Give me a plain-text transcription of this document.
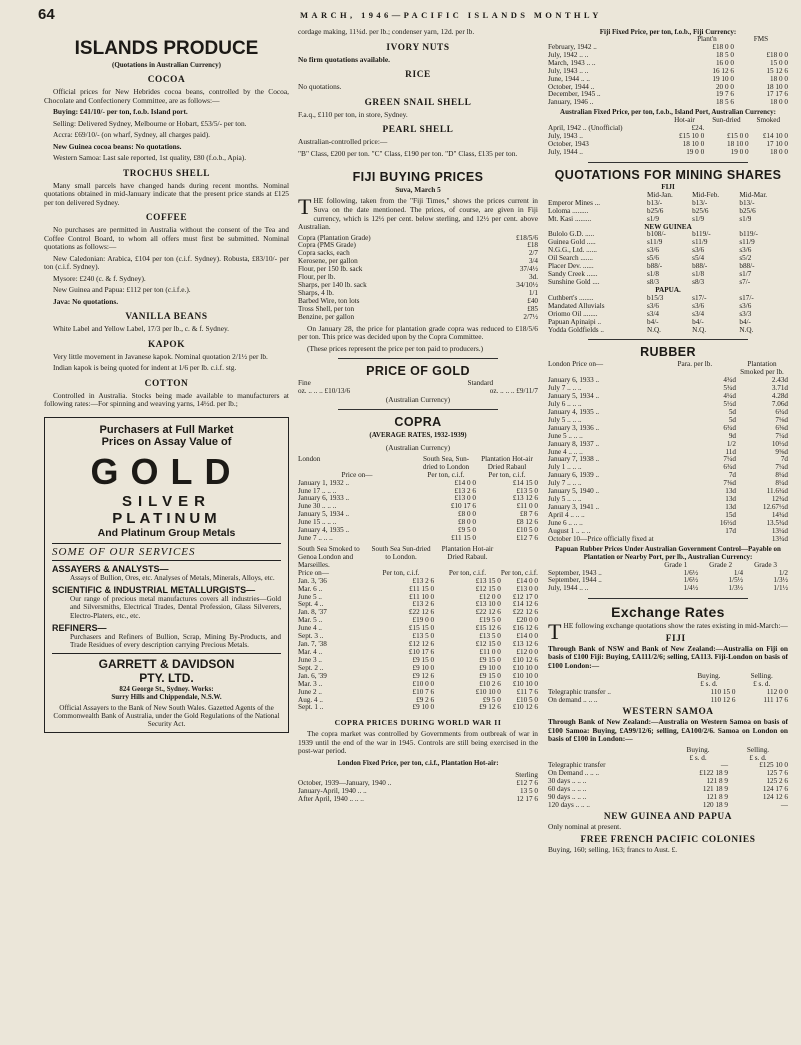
64	MARCH, 1946—PACIFIC ISLANDS MONTHLY
ISLANDS PRODUCE
(Quotations in Australian Currency)
COCOA

Official prices for New Hebrides cocoa beans, controlled by the Cocoa, Chocolate and Confectionery Committee, are as follows:—

Buying: £41/10/- per ton, f.o.b. Island port.

Selling: Delivered Sydney, Melbourne or Hobart, £53/5/- per ton.

Accra: £69/10/- (on wharf, Sydney, all charges paid).

New Guinea cocoa beans: No quotations.

Western Samoa: Last sale reported, 1st quality, £80 (f.o.b., Apia).

TROCHUS SHELL

Many small parcels have changed hands during recent months. Nominal quotations obtained in mid-January indicate that the present price stands at £125 per ton delivered Sydney.

COFFEE

No purchases are permitted in Australia without the consent of the Tea and Coffee Control Board, to whom all offers must first be submitted. Nominal quotations as follows:—

New Caledonian: Arabica, £104 per ton (c.i.f. Sydney). Robusta, £83/10/- per ton (c.i.f. Sydney).

Mysore: £240 (c. & f. Sydney).

New Guinea and Papua: £112 per ton (c.i.f.e.).

Java: No quotations.

VANILLA BEANS

White Label and Yellow Label, 17/3 per lb., c. & f. Sydney.

KAPOK

Very little movement in Javanese kapok. Nominal quotation 2/1½ per lb.

Indian kapok is being quoted for indent at 1/6 per lb. c.i.f. stg.

COTTON

Controlled in Australia. Stocks being made available to manufacturers at following rates:—For spinning and weaving yarns, 14½d. per lb.;

Purchasers at Full Market
Prices on Assay Value of
GOLD
SILVER
PLATINUM
And Platinum Group Metals
SOME OF OUR SERVICES
ASSAYERS & ANALYSTS—

Assays of Bullion, Ores, etc. Analyses of Metals, Minerals, Alloys, etc.

SCIENTIFIC & INDUSTRIAL METALLURGISTS—

Our range of precious metal manufactures covers all industries—Gold and Silversmiths, Electrical Trades, Dental Profession, Glass Silverers, Electro-Platers, etc., etc.

REFINERS—

Purchasers and Refiners of Bullion, Scrap, Mining By-Products, and Trade Residues of every description carrying Precious Metals.

GARRETT & DAVIDSON
PTY. LTD.
824 George St., Sydney. Works:
Surry Hills and Chippendale, N.S.W.
Official Assayers to the Bank of New South Wales. Gazetted Agents of the Commonwealth Bank of Australia, under the Gold Regulations of the National Security Act.

cordage making, 11¼d. per lb.; condenser yarn, 12d. per lb.

IVORY NUTS

No firm quotations available.

RICE

No quotations.

GREEN SNAIL SHELL

F.a.q., £110 per ton, in store, Sydney.

PEARL SHELL

Australian-controlled price:—

"B" Class, £200 per ton. "C" Class, £190 per ton. "D" Class, £135 per ton.

FIJI BUYING PRICES
Suva, March 5

THE following, taken from the "Fiji Times," shows the prices current in Suva on the date mentioned. The prices, of course, are given in Fiji currency, which is 12½ per cent. below sterling, and 12½ per cent. above Australian.

Copra (Plantation Grade)	£18/5/6
Copra (PMS Grade)	£18
Copra sacks, each	2/7
Kerosene, per gallon	3/4
Flour, per 150 lb. sack	37/4½
Flour, per lb.	3d.
Sharps, per 140 lb. sack	34/10½
Sharps, 4 lb.	1/1
Barbed Wire, ton lots	£40
Tross Shell, per ton	£85
Benzine, per gallon	2/7½

On January 28, the price for plantation grade copra was reduced to £18/5/6 per ton. This price was decided upon by the Copra Committee.

(These prices represent the price per ton paid to producers.)

PRICE OF GOLD
Fine	Standard
oz. .. .. .. £10/13/6	oz. .. .. .. £9/11/7
(Australian Currency)
COPRA
(AVERAGE RATES, 1932-1939)
(Australian Currency)
London	South Sea, Sun-dried to London	Plantation Hot-air Dried Rabaul
Price on—	Per ton, c.i.f.	Per ton, c.i.f.
January 1, 1932 ..	£14 0 0	£14 15 0
June 17 .. .. ..	£13 2 6	£13 5 0
January 6, 1933 ..	£13 0 0	£13 12 6
June 30 .. .. ..	£10 17 6	£11 0 0
January 5, 1934 ..	£8 0 0	£8 7 6
June 15 .. .. ..	£8 0 0	£8 12 6
January 4, 1935 ..	£9 5 0	£10 5 0
June 7 .. .. ..	£11 15 0	£12 7 6
South Sea Smoked to Genoa London and Marseilles.	South Sea Sun-dried to London.	Plantation Hot-air Dried Rabaul.	
Price on—	Per ton, c.i.f.	Per ton, c.i.f.	Per ton, c.i.f.
Jan. 3, '36	£13 2 6	£13 15 0	£14 0 0
Mar. 6 ..	£11 15 0	£12 15 0	£13 0 0
June 5 ..	£11 10 0	£12 0 0	£12 17 0
Sept. 4 ..	£13 2 6	£13 10 0	£14 12 6
Jan. 8, '37	£22 12 6	£22 12 6	£22 12 6
Mar. 5 ..	£19 0 0	£19 5 0	£20 0 0
June 4 ..	£15 15 0	£15 12 6	£16 12 6
Sept. 3 ..	£13 5 0	£13 5 0	£14 0 0
Jan. 7, '38	£12 12 6	£12 15 0	£13 12 6
Mar. 4 ..	£10 17 6	£11 0 0	£12 0 0
June 3 ..	£9 15 0	£9 15 0	£10 12 6
Sept. 2 ..	£9 10 0	£9 10 0	£10 10 0
Jan. 6, '39	£9 12 6	£9 15 0	£10 10 0
Mar. 3 ..	£10 0 0	£10 2 6	£10 10 0
June 2 ..	£10 7 6	£10 10 0	£11 7 6
Aug. 4 ..	£9 2 6	£9 5 0	£10 5 0
Sept. 1 ..	£9 10 0	£9 12 6	£10 12 6
COPRA PRICES DURING WORLD WAR II

The copra market was controlled by Governments from outbreak of war in 1939 until the end of the war in 1945. Controls are still being exercised in the post-war period.

London Fixed Price, per ton, c.i.f., Plantation Hot-air:
	Sterling
October, 1939—January, 1940 ..	£12 7 6
January-April, 1940 .. ..	13 5 0
After April, 1940 .. .. ..	12 17 6
Fiji Fixed Price, per ton, f.o.b., Fiji Currency:
	Plant'n	FMS
February, 1942 ..	£18 0 0	
July, 1942 .. ..	18 5 0	£18 0 0
March, 1943 .. ..	16 0 0	15 0 0
July, 1943 .. ..	16 12 6	15 12 6
June, 1944 .. ..	19 10 0	18 0 0
October, 1944 ..	20 0 0	18 10 0
December, 1945 ..	19 7 6	17 17 6
January, 1946 ..	18 5 6	18 0 0
Australian Fixed Price, per ton, f.o.b., Island Port, Australian Currency:
	Hot-air	Sun-dried	Smoked
April, 1942 .. (Unofficial)	£24.		
July, 1943 ..	£15 10 0	£15 0 0	£14 10 0
October, 1943	18 10 0	18 10 0	17 10 0
July, 1944 ..	19 0 0	19 0 0	18 0 0
QUOTATIONS FOR MINING SHARES
FIJI			
	Mid-Jan.	Mid-Feb.	Mid-Mar.
Emperor Mines ...	b13/-	b13/-	b13/-
Loloma .........	b25/6	b25/6	b25/6
Mt. Kasi .........	s1/9	s1/9	s1/9
NEW GUINEA			
Bulolo G.D. .....	b108/-	b119/-	b119/-
Guinea Gold .....	s11/9	s11/9	s11/9
N.G.G., Ltd. ......	s3/6	s3/6	s3/6
Oil Search .......	s5/6	s5/4	s5/2
Placer Dev. ......	b88/-	b88/-	b88/-
Sandy Creek ......	s1/8	s1/8	s1/7
Sunshine Gold ....	s8/3	s8/3	s7/-
PAPUA.			
Cuthbert's ........	b15/3	s17/-	s17/-
Mandated Alluvials	s3/6	s3/6	s3/6
Oriomo Oil ........	s3/4	s3/4	s3/3
Papuan Apinaipi ..	b4/-	b4/-	b4/-
Yodda Goldfields ..	N.Q.	N.Q.	N.Q.
RUBBER
London Price on—	Para. per lb.	Plantation Smoked per lb.
January 6, 1933 ..	4¾d	2.43d
July 7 .. .. ..	5¾d	3.71d
January 5, 1934 ..	4¼d	4.28d
July 6 .. .. ..	5½d	7.06d
January 4, 1935 ..	5d	6¾d
July 5 .. .. ..	5d	7⅛d
January 3, 1936 ..	6¾d	6⅜d
June 5 .. .. ..	9d	7¼d
January 8, 1937 ..	1/2	10½d
June 4 .. .. ..	11d	9⅝d
January 7, 1938 ..	7¼d	7d
July 1 .. .. ..	6¾d	7¼d
January 6, 1939 ..	7d	8¼d
July 7 .. .. ..	7⅜d	8¼d
January 5, 1940 ..	13d	11.6¾d
July 5 .. .. ..	13d	12¾d
January 3, 1941 ..	13d	12.67½d
April 4 .. .. ..	15d	14¾d
June 6 .. .. ..	16½d	13.5¾d
August 1 .. .. ..	17d	13¼d
October 10—Price officially fixed at		13¾d
Papuan Rubber Prices Under Australian Government Control—Payable on Plantation or Nearby Port, per lb., Australian Currency:
	Grade 1	Grade 2	Grade 3
September, 1943 ..	1/6½	1/4	1/2
September, 1944 ..	1/6½	1/5½	1/3½
July, 1944 .. ..	1/4½	1/3½	1/1½
Exchange Rates

THE following exchange quotations show the rates existing in mid-March:—

FIJI

Through Bank of NSW and Bank of New Zealand:—Australia on Fiji on basis of £100 Fiji: Buying, £A111/2/6; selling, £A113. Fiji-London on basis of £100 London:—

	Buying.	Selling.
	£ s. d.	£ s. d.
Telegraphic transfer ..	110 15 0	112 0 0
On demand .. .. ..	110 12 6	111 17 6
WESTERN SAMOA

Through Bank of New Zealand:—Australia on Western Samoa on basis of £100 Samoa: Buying, £A99/12/6; selling, £A100/2/6. Samoa on London on basis of £100 in London:—

	Buying.	Selling.
	£ s. d.	£ s. d.
Telegraphic transfer	—	£125 10 0
On Demand .. .. ..	£122 18 9	125 7 6
30 days .. .. ..	121 8 9	125 2 6
60 days .. .. ..	121 18 9	124 17 6
90 days .. .. ..	121 8 9	124 12 6
120 days .. .. ..	120 18 9	—
NEW GUINEA AND PAPUA

Only nominal at present.

FREE FRENCH PACIFIC COLONIES

Buying, 160; selling, 163; francs to Aust. £.
